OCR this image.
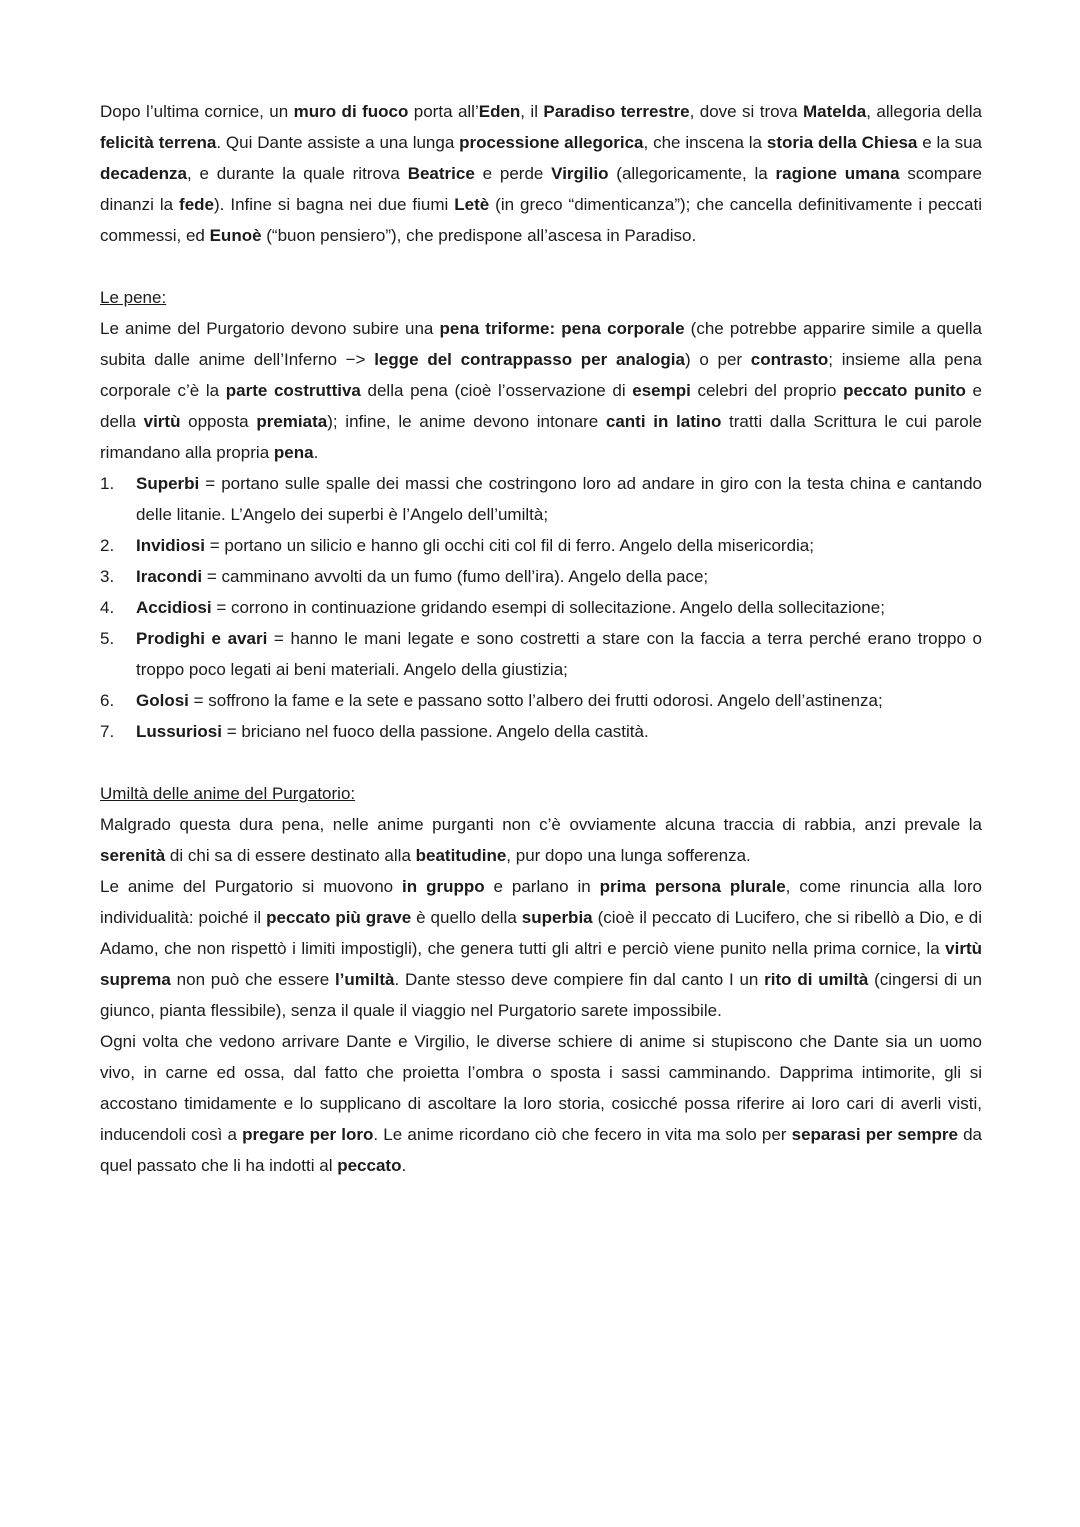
Dopo l’ultima cornice, un muro di fuoco porta all’Eden, il Paradiso terrestre, dove si trova Matelda, allegoria della felicità terrena. Qui Dante assiste a una lunga processione allegorica, che inscena la storia della Chiesa e la sua decadenza, e durante la quale ritrova Beatrice e perde Virgilio (allegoricamente, la ragione umana scompare dinanzi la fede). Infine si bagna nei due fiumi Letè (in greco “dimenticanza”); che cancella definitivamente i peccati commessi, ed Eunoè (“buon pensiero”), che predispone all’ascesa in Paradiso.

Le pene:

Le anime del Purgatorio devono subire una pena triforme: pena corporale (che potrebbe apparire simile a quella subita dalle anime dell’Inferno −> legge del contrappasso per analogia) o per contrasto; insieme alla pena corporale c’è la parte costruttiva della pena (cioè l’osservazione di esempi celebri del proprio peccato punito e della virtù opposta premiata); infine, le anime devono intonare canti in latino tratti dalla Scrittura le cui parole rimandano alla propria pena.

1.	Superbi = portano sulle spalle dei massi che costringono loro ad andare in giro con la testa china e cantando delle litanie. L’Angelo dei superbi è l’Angelo dell’umiltà;
2.	Invidiosi = portano un silicio e hanno gli occhi citi col fil di ferro. Angelo della misericordia;
3.	Iracondi = camminano avvolti da un fumo (fumo dell’ira). Angelo della pace;
4.	Accidiosi = corrono in continuazione gridando esempi di sollecitazione. Angelo della sollecitazione;
5.	Prodighi e avari = hanno le mani legate e sono costretti a stare con la faccia a terra perché erano troppo o troppo poco legati ai beni materiali. Angelo della giustizia;
6.	Golosi = soffrono la fame e la sete e passano sotto l’albero dei frutti odorosi. Angelo dell’astinenza;
7.	Lussuriosi = briciano nel fuoco della passione. Angelo della castità.

Umiltà delle anime del Purgatorio:

Malgrado questa dura pena, nelle anime purganti non c’è ovviamente alcuna traccia di rabbia, anzi prevale la serenità di chi sa di essere destinato alla beatitudine, pur dopo una lunga sofferenza.

Le anime del Purgatorio si muovono in gruppo e parlano in prima persona plurale, come rinuncia alla loro individualità: poiché il peccato più grave è quello della superbia (cioè il peccato di Lucifero, che si ribellò a Dio, e di Adamo, che non rispettò i limiti impostigli), che genera tutti gli altri e perciò viene punito nella prima cornice, la virtù suprema non può che essere l’umiltà. Dante stesso deve compiere fin dal canto I un rito di umiltà (cingersi di un giunco, pianta flessibile), senza il quale il viaggio nel Purgatorio sarete impossibile.

Ogni volta che vedono arrivare Dante e Virgilio, le diverse schiere di anime si stupiscono che Dante sia un uomo vivo, in carne ed ossa, dal fatto che proietta l’ombra o sposta i sassi camminando. Dapprima intimorite, gli si accostano timidamente e lo supplicano di ascoltare la loro storia, cosicché possa riferire ai loro cari di averli visti, inducendoli così a pregare per loro. Le anime ricordano ciò che fecero in vita ma solo per separasi per sempre da quel passato che li ha indotti al peccato.
